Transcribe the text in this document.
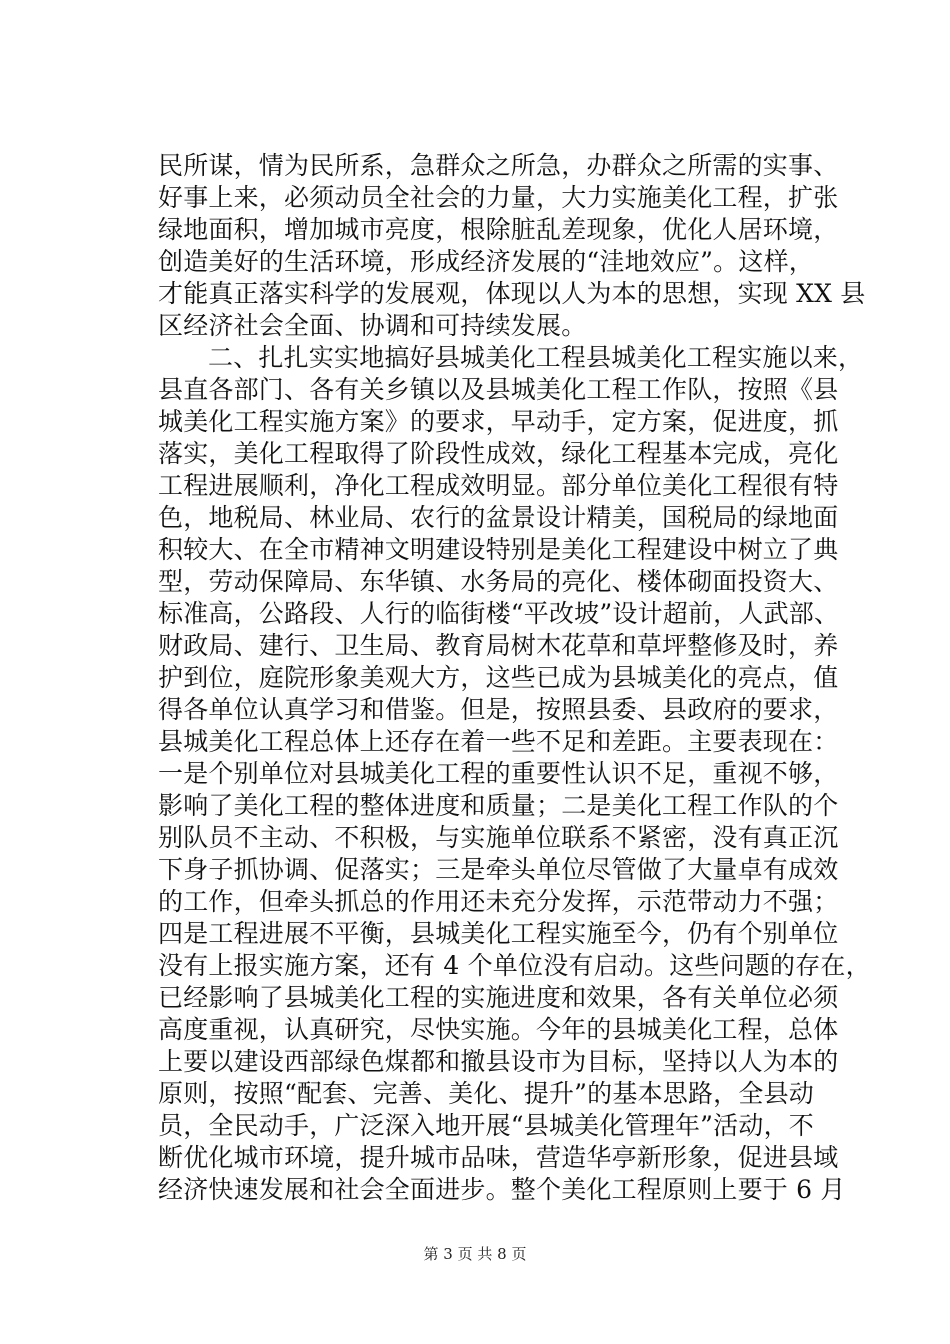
民所谋，情为民所系，急群众之所急，办群众之所需的实事、
好事上来，必须动员全社会的力量，大力实施美化工程，扩张
绿地面积，增加城市亮度，根除脏乱差现象，优化人居环境，
创造美好的生活环境，形成经济发展的“洼地效应”。这样，
才能真正落实科学的发展观，体现以人为本的思想，实现 XX 县
区经济社会全面、协调和可持续发展。
二、扎扎实实地搞好县城美化工程县城美化工程实施以来，
县直各部门、各有关乡镇以及县城美化工程工作队，按照《县
城美化工程实施方案》的要求，早动手，定方案，促进度，抓
落实，美化工程取得了阶段性成效，绿化工程基本完成，亮化
工程进展顺利，净化工程成效明显。部分单位美化工程很有特
色，地税局、林业局、农行的盆景设计精美，国税局的绿地面
积较大、在全市精神文明建设特别是美化工程建设中树立了典
型，劳动保障局、东华镇、水务局的亮化、楼体砌面投资大、
标准高，公路段、人行的临街楼“平改坡”设计超前，人武部、
财政局、建行、卫生局、教育局树木花草和草坪整修及时，养
护到位，庭院形象美观大方，这些已成为县城美化的亮点，值
得各单位认真学习和借鉴。但是，按照县委、县政府的要求，
县城美化工程总体上还存在着一些不足和差距。主要表现在：
一是个别单位对县城美化工程的重要性认识不足，重视不够，
影响了美化工程的整体进度和质量；二是美化工程工作队的个
别队员不主动、不积极，与实施单位联系不紧密，没有真正沉
下身子抓协调、促落实；三是牵头单位尽管做了大量卓有成效
的工作，但牵头抓总的作用还未充分发挥，示范带动力不强；
四是工程进展不平衡，县城美化工程实施至今，仍有个别单位
没有上报实施方案，还有 4 个单位没有启动。这些问题的存在，
已经影响了县城美化工程的实施进度和效果，各有关单位必须
高度重视，认真研究，尽快实施。今年的县城美化工程，总体
上要以建设西部绿色煤都和撤县设市为目标，坚持以人为本的
原则，按照“配套、完善、美化、提升”的基本思路，全县动
员，全民动手，广泛深入地开展“县城美化管理年”活动，不
断优化城市环境，提升城市品味，营造华亭新形象，促进县域
经济快速发展和社会全面进步。整个美化工程原则上要于 6 月
第 3 页 共 8 页
